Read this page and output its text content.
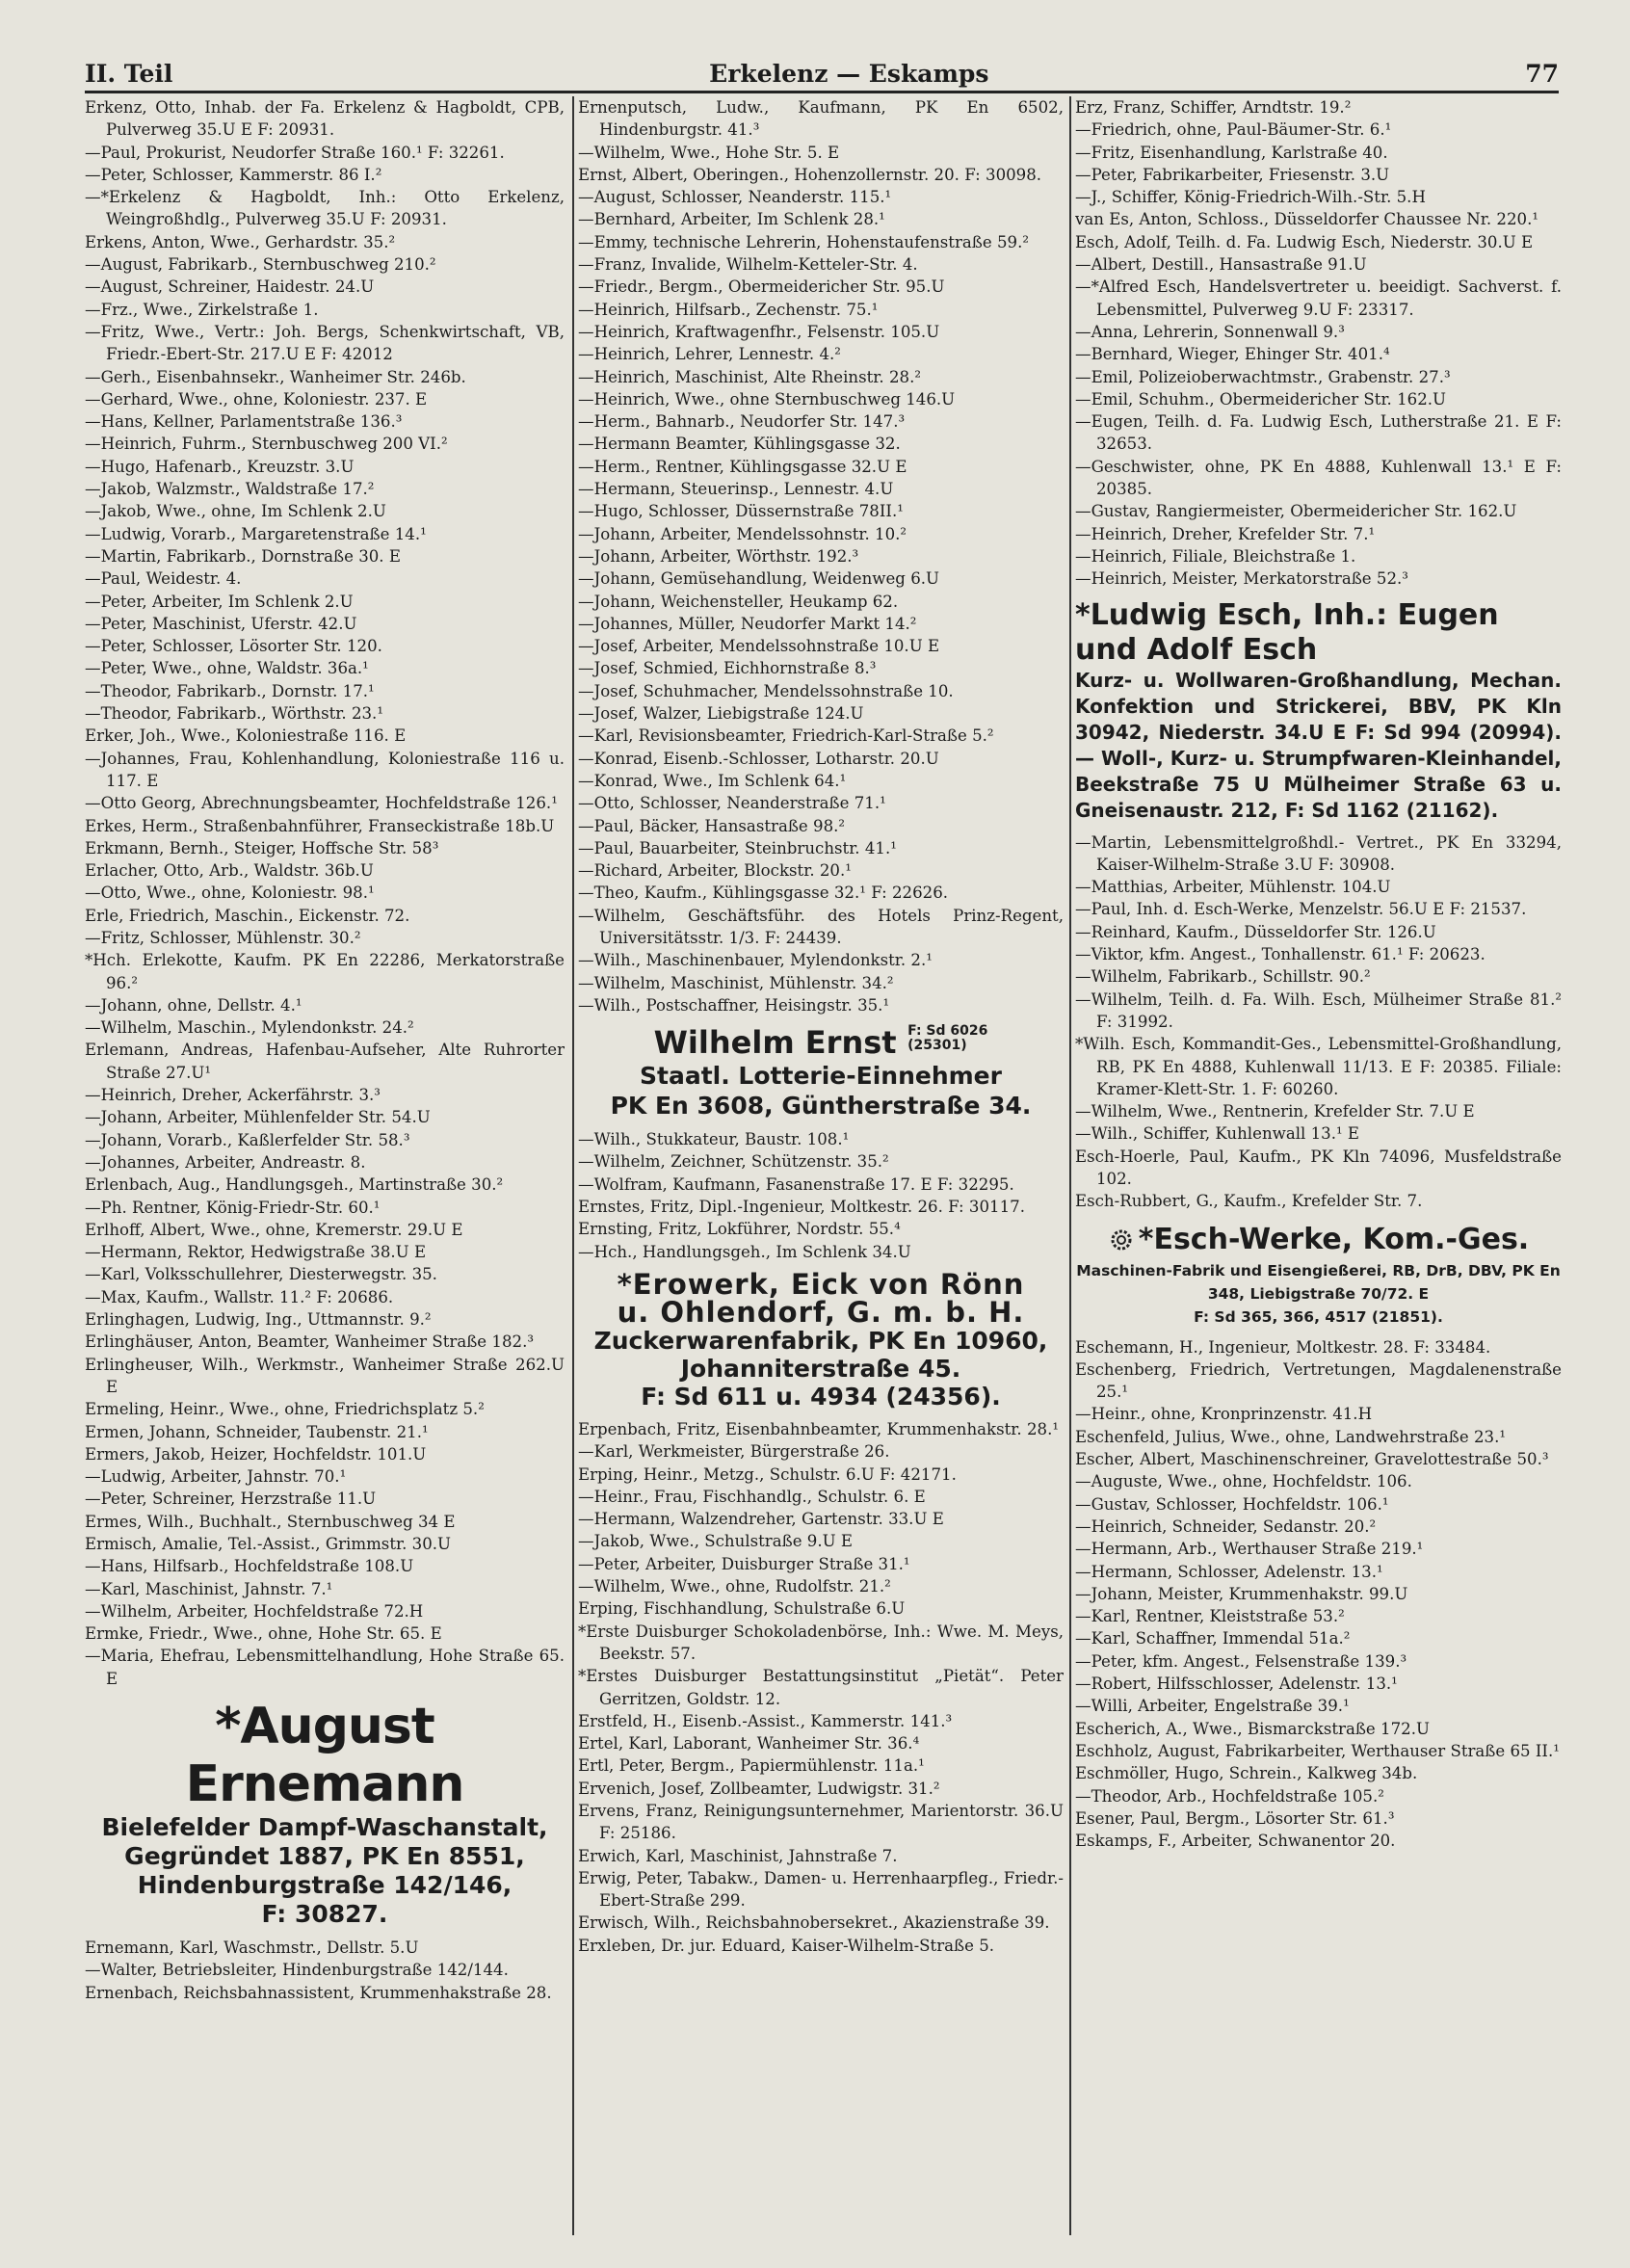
II. Teil	Erkelenz — Eskamps	77
Erkenz, Otto, Inhab. der Fa. Erkelenz & Hagboldt, CPB, Pulverweg 35.U E F: 20931.
—Paul, Prokurist, Neudorfer Straße 160.¹ F: 32261.
—Peter, Schlosser, Kammerstr. 86 I.²
—*Erkelenz & Hagboldt, Inh.: Otto Erkelenz, Weingroßhdlg., Pulverweg 35.U F: 20931.
Erkens, Anton, Wwe., Gerhardstr. 35.²
—August, Fabrikarb., Sternbuschweg 210.²
—August, Schreiner, Haidestr. 24.U
—Frz., Wwe., Zirkelstraße 1.
—Fritz, Wwe., Vertr.: Joh. Bergs, Schenkwirtschaft, VB, Friedr.-Ebert-Str. 217.U E F: 42012
—Gerh., Eisenbahnsekr., Wanheimer Str. 246b.
—Gerhard, Wwe., ohne, Koloniestr. 237. E
—Hans, Kellner, Parlamentstraße 136.³
—Heinrich, Fuhrm., Sternbuschweg 200 VI.²
—Hugo, Hafenarb., Kreuzstr. 3.U
—Jakob, Walzmstr., Waldstraße 17.²
—Jakob, Wwe., ohne, Im Schlenk 2.U
—Ludwig, Vorarb., Margaretenstraße 14.¹
—Martin, Fabrikarb., Dornstraße 30. E
—Paul, Weidestr. 4.
—Peter, Arbeiter, Im Schlenk 2.U
—Peter, Maschinist, Uferstr. 42.U
—Peter, Schlosser, Lösorter Str. 120.
—Peter, Wwe., ohne, Waldstr. 36a.¹
—Theodor, Fabrikarb., Dornstr. 17.¹
—Theodor, Fabrikarb., Wörthstr. 23.¹
Erker, Joh., Wwe., Koloniestraße 116. E
—Johannes, Frau, Kohlenhandlung, Koloniestraße 116 u. 117. E
—Otto Georg, Abrechnungsbeamter, Hochfeldstraße 126.¹
Erkes, Herm., Straßenbahnführer, Franseckistraße 18b.U
Erkmann, Bernh., Steiger, Hoffsche Str. 58³
Erlacher, Otto, Arb., Waldstr. 36b.U
—Otto, Wwe., ohne, Koloniestr. 98.¹
Erle, Friedrich, Maschin., Eickenstr. 72.
—Fritz, Schlosser, Mühlenstr. 30.²
*Hch. Erlekotte, Kaufm. PK En 22286, Merkatorstraße 96.²
—Johann, ohne, Dellstr. 4.¹
—Wilhelm, Maschin., Mylendonkstr. 24.²
Erlemann, Andreas, Hafenbau-Aufseher, Alte Ruhrorter Straße 27.U¹
—Heinrich, Dreher, Ackerfährstr. 3.³
—Johann, Arbeiter, Mühlenfelder Str. 54.U
—Johann, Vorarb., Kaßlerfelder Str. 58.³
—Johannes, Arbeiter, Andreastr. 8.
Erlenbach, Aug., Handlungsgeh., Martinstraße 30.²
—Ph. Rentner, König-Friedr-Str. 60.¹
Erlhoff, Albert, Wwe., ohne, Kremerstr. 29.U E
—Hermann, Rektor, Hedwigstraße 38.U E
—Karl, Volksschullehrer, Diesterwegstr. 35.
—Max, Kaufm., Wallstr. 11.² F: 20686.
Erlinghagen, Ludwig, Ing., Uttmannstr. 9.²
Erlinghäuser, Anton, Beamter, Wanheimer Straße 182.³
Erlingheuser, Wilh., Werkmstr., Wanheimer Straße 262.U E
Ermeling, Heinr., Wwe., ohne, Friedrichsplatz 5.²
Ermen, Johann, Schneider, Taubenstr. 21.¹
Ermers, Jakob, Heizer, Hochfeldstr. 101.U
—Ludwig, Arbeiter, Jahnstr. 70.¹
—Peter, Schreiner, Herzstraße 11.U
Ermes, Wilh., Buchhalt., Sternbuschweg 34 E
Ermisch, Amalie, Tel.-Assist., Grimmstr. 30.U
—Hans, Hilfsarb., Hochfeldstraße 108.U
—Karl, Maschinist, Jahnstr. 7.¹
—Wilhelm, Arbeiter, Hochfeldstraße 72.H
Ermke, Friedr., Wwe., ohne, Hohe Str. 65. E
—Maria, Ehefrau, Lebensmittelhandlung, Hohe Straße 65. E
*August Ernemann
Bielefelder Dampf-Waschanstalt,
Gegründet 1887, PK En 8551,
Hindenburgstraße 142/146,
F: 30827.
Ernemann, Karl, Waschmstr., Dellstr. 5.U
—Walter, Betriebsleiter, Hindenburgstraße 142/144.
Ernenbach, Reichsbahnassistent, Krummenhakstraße 28.
Ernenputsch, Ludw., Kaufmann, PK En 6502, Hindenburgstr. 41.³
—Wilhelm, Wwe., Hohe Str. 5. E
Ernst, Albert, Oberingen., Hohenzollernstr. 20. F: 30098.
—August, Schlosser, Neanderstr. 115.¹
—Bernhard, Arbeiter, Im Schlenk 28.¹
—Emmy, technische Lehrerin, Hohenstaufenstraße 59.²
—Franz, Invalide, Wilhelm-Ketteler-Str. 4.
—Friedr., Bergm., Obermeidericher Str. 95.U
—Heinrich, Hilfsarb., Zechenstr. 75.¹
—Heinrich, Kraftwagenfhr., Felsenstr. 105.U
—Heinrich, Lehrer, Lennestr. 4.²
—Heinrich, Maschinist, Alte Rheinstr. 28.²
—Heinrich, Wwe., ohne Sternbuschweg 146.U
—Herm., Bahnarb., Neudorfer Str. 147.³
—Hermann Beamter, Kühlingsgasse 32.
—Herm., Rentner, Kühlingsgasse 32.U E
—Hermann, Steuerinsp., Lennestr. 4.U
—Hugo, Schlosser, Düssernstraße 78II.¹
—Johann, Arbeiter, Mendelssohnstr. 10.²
—Johann, Arbeiter, Wörthstr. 192.³
—Johann, Gemüsehandlung, Weidenweg 6.U
—Johann, Weichensteller, Heukamp 62.
—Johannes, Müller, Neudorfer Markt 14.²
—Josef, Arbeiter, Mendelssohnstraße 10.U E
—Josef, Schmied, Eichhornstraße 8.³
—Josef, Schuhmacher, Mendelssohnstraße 10.
—Josef, Walzer, Liebigstraße 124.U
—Karl, Revisionsbeamter, Friedrich-Karl-Straße 5.²
—Konrad, Eisenb.-Schlosser, Lotharstr. 20.U
—Konrad, Wwe., Im Schlenk 64.¹
—Otto, Schlosser, Neanderstraße 71.¹
—Paul, Bäcker, Hansastraße 98.²
—Paul, Bauarbeiter, Steinbruchstr. 41.¹
—Richard, Arbeiter, Blockstr. 20.¹
—Theo, Kaufm., Kühlingsgasse 32.¹ F: 22626.
—Wilhelm, Geschäftsführ. des Hotels Prinz-Regent, Universitätsstr. 1/3. F: 24439.
—Wilh., Maschinenbauer, Mylendonkstr. 2.¹
—Wilhelm, Maschinist, Mühlenstr. 34.²
—Wilh., Postschaffner, Heisingstr. 35.¹
Wilhelm Ernst F: Sd 6026
(25301)
Staatl. Lotterie-Einnehmer
PK En 3608, Güntherstraße 34.
—Wilh., Stukkateur, Baustr. 108.¹
—Wilhelm, Zeichner, Schützenstr. 35.²
—Wolfram, Kaufmann, Fasanenstraße 17. E F: 32295.
Ernstes, Fritz, Dipl.-Ingenieur, Moltkestr. 26. F: 30117.
Ernsting, Fritz, Lokführer, Nordstr. 55.⁴
—Hch., Handlungsgeh., Im Schlenk 34.U
*Erowerk, Eick von Rönn
u. Ohlendorf, G. m. b. H.
Zuckerwarenfabrik, PK En 10960,
Johanniterstraße 45.
F: Sd 611 u. 4934 (24356).
Erpenbach, Fritz, Eisenbahnbeamter, Krummenhakstr. 28.¹
—Karl, Werkmeister, Bürgerstraße 26.
Erping, Heinr., Metzg., Schulstr. 6.U F: 42171.
—Heinr., Frau, Fischhandlg., Schulstr. 6. E
—Hermann, Walzendreher, Gartenstr. 33.U E
—Jakob, Wwe., Schulstraße 9.U E
—Peter, Arbeiter, Duisburger Straße 31.¹
—Wilhelm, Wwe., ohne, Rudolfstr. 21.²
Erping, Fischhandlung, Schulstraße 6.U
*Erste Duisburger Schokoladenbörse, Inh.: Wwe. M. Meys, Beekstr. 57.
*Erstes Duisburger Bestattungsinstitut „Pietät“. Peter Gerritzen, Goldstr. 12.
Erstfeld, H., Eisenb.-Assist., Kammerstr. 141.³
Ertel, Karl, Laborant, Wanheimer Str. 36.⁴
Ertl, Peter, Bergm., Papiermühlenstr. 11a.¹
Ervenich, Josef, Zollbeamter, Ludwigstr. 31.²
Ervens, Franz, Reinigungsunternehmer, Marientorstr. 36.U F: 25186.
Erwich, Karl, Maschinist, Jahnstraße 7.
Erwig, Peter, Tabakw., Damen- u. Herrenhaarpfleg., Friedr.-Ebert-Straße 299.
Erwisch, Wilh., Reichsbahnobersekret., Akazienstraße 39.
Erxleben, Dr. jur. Eduard, Kaiser-Wilhelm-Straße 5.
Erz, Franz, Schiffer, Arndtstr. 19.²
—Friedrich, ohne, Paul-Bäumer-Str. 6.¹
—Fritz, Eisenhandlung, Karlstraße 40.
—Peter, Fabrikarbeiter, Friesenstr. 3.U
—J., Schiffer, König-Friedrich-Wilh.-Str. 5.H
van Es, Anton, Schloss., Düsseldorfer Chaussee Nr. 220.¹
Esch, Adolf, Teilh. d. Fa. Ludwig Esch, Niederstr. 30.U E
—Albert, Destill., Hansastraße 91.U
—*Alfred Esch, Handelsvertreter u. beeidigt. Sachverst. f. Lebensmittel, Pulverweg 9.U F: 23317.
—Anna, Lehrerin, Sonnenwall 9.³
—Bernhard, Wieger, Ehinger Str. 401.⁴
—Emil, Polizeioberwachtmstr., Grabenstr. 27.³
—Emil, Schuhm., Obermeidericher Str. 162.U
—Eugen, Teilh. d. Fa. Ludwig Esch, Lutherstraße 21. E F: 32653.
—Geschwister, ohne, PK En 4888, Kuhlenwall 13.¹ E F: 20385.
—Gustav, Rangiermeister, Obermeidericher Str. 162.U
—Heinrich, Dreher, Krefelder Str. 7.¹
—Heinrich, Filiale, Bleichstraße 1.
—Heinrich, Meister, Merkatorstraße 52.³
*Ludwig Esch, Inh.: Eugen und Adolf Esch
Kurz- u. Wollwaren-Großhandlung, Mechan. Konfektion und Strickerei, BBV, PK Kln 30942, Niederstr. 34.U E F: Sd 994 (20994). — Woll-, Kurz- u. Strumpfwaren-Kleinhandel, Beekstraße 75 U Mülheimer Straße 63 u. Gneisenaustr. 212, F: Sd 1162 (21162).
—Martin, Lebensmittelgroßhdl.- Vertret., PK En 33294, Kaiser-Wilhelm-Straße 3.U F: 30908.
—Matthias, Arbeiter, Mühlenstr. 104.U
—Paul, Inh. d. Esch-Werke, Menzelstr. 56.U E F: 21537.
—Reinhard, Kaufm., Düsseldorfer Str. 126.U
—Viktor, kfm. Angest., Tonhallenstr. 61.¹ F: 20623.
—Wilhelm, Fabrikarb., Schillstr. 90.²
—Wilhelm, Teilh. d. Fa. Wilh. Esch, Mülheimer Straße 81.² F: 31992.
*Wilh. Esch, Kommandit-Ges., Lebensmittel-Großhandlung, RB, PK En 4888, Kuhlenwall 11/13. E F: 20385. Filiale: Kramer-Klett-Str. 1. F: 60260.
—Wilhelm, Wwe., Rentnerin, Krefelder Str. 7.U E
—Wilh., Schiffer, Kuhlenwall 13.¹ E
Esch-Hoerle, Paul, Kaufm., PK Kln 74096, Musfeldstraße 102.
Esch-Rubbert, G., Kaufm., Krefelder Str. 7.
*Esch-Werke, Kom.-Ges.
Maschinen-Fabrik und Eisengießerei, RB, DrB, DBV, PK En 348, Liebigstraße 70/72. E
F: Sd 365, 366, 4517 (21851).
Eschemann, H., Ingenieur, Moltkestr. 28. F: 33484.
Eschenberg, Friedrich, Vertretungen, Magdalenenstraße 25.¹
—Heinr., ohne, Kronprinzenstr. 41.H
Eschenfeld, Julius, Wwe., ohne, Landwehrstraße 23.¹
Escher, Albert, Maschinenschreiner, Gravelottestraße 50.³
—Auguste, Wwe., ohne, Hochfeldstr. 106.
—Gustav, Schlosser, Hochfeldstr. 106.¹
—Heinrich, Schneider, Sedanstr. 20.²
—Hermann, Arb., Werthauser Straße 219.¹
—Hermann, Schlosser, Adelenstr. 13.¹
—Johann, Meister, Krummenhakstr. 99.U
—Karl, Rentner, Kleiststraße 53.²
—Karl, Schaffner, Immendal 51a.²
—Peter, kfm. Angest., Felsenstraße 139.³
—Robert, Hilfsschlosser, Adelenstr. 13.¹
—Willi, Arbeiter, Engelstraße 39.¹
Escherich, A., Wwe., Bismarckstraße 172.U
Eschholz, August, Fabrikarbeiter, Werthauser Straße 65 II.¹
Eschmöller, Hugo, Schrein., Kalkweg 34b.
—Theodor, Arb., Hochfeldstraße 105.²
Esener, Paul, Bergm., Lösorter Str. 61.³
Eskamps, F., Arbeiter, Schwanentor 20.
